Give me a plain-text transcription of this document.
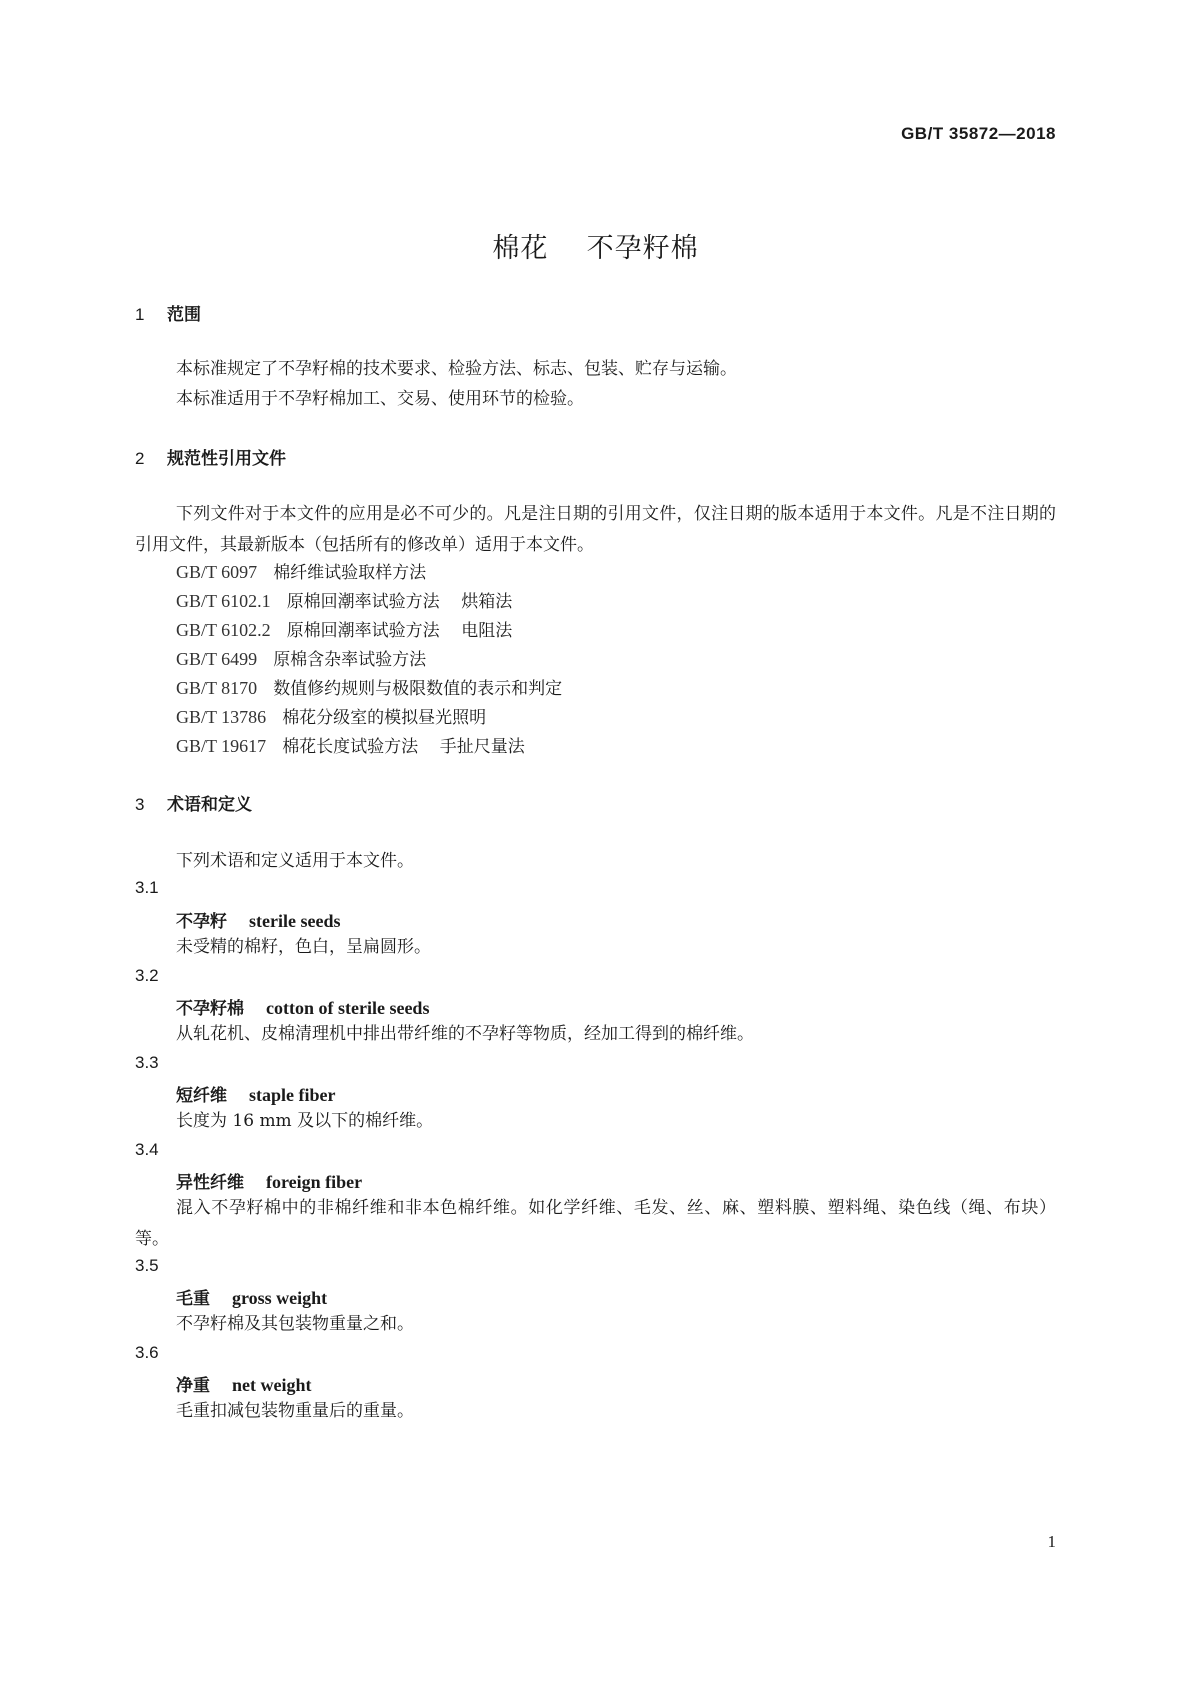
GB/T 35872—2018
棉花    不孕籽棉
1 范围
本标准规定了不孕籽棉的技术要求、检验方法、标志、包装、贮存与运输。
本标准适用于不孕籽棉加工、交易、使用环节的检验。
2 规范性引用文件
下列文件对于本文件的应用是必不可少的。凡是注日期的引用文件，仅注日期的版本适用于本文件。凡是不注日期的引用文件，其最新版本（包括所有的修改单）适用于本文件。
GB/T 6097 棉纤维试验取样方法
GB/T 6102.1 原棉回潮率试验方法    烘箱法
GB/T 6102.2 原棉回潮率试验方法    电阻法
GB/T 6499 原棉含杂率试验方法
GB/T 8170 数值修约规则与极限数值的表示和判定
GB/T 13786 棉花分级室的模拟昼光照明
GB/T 19617 棉花长度试验方法    手扯尺量法
3 术语和定义
下列术语和定义适用于本文件。
3.1
不孕籽 sterile seeds
未受精的棉籽，色白，呈扁圆形。
3.2
不孕籽棉 cotton of sterile seeds
从轧花机、皮棉清理机中排出带纤维的不孕籽等物质，经加工得到的棉纤维。
3.3
短纤维 staple fiber
长度为 16 mm 及以下的棉纤维。
3.4
异性纤维 foreign fiber
混入不孕籽棉中的非棉纤维和非本色棉纤维。如化学纤维、毛发、丝、麻、塑料膜、塑料绳、染色线（绳、布块）等。
3.5
毛重 gross weight
不孕籽棉及其包装物重量之和。
3.6
净重 net weight
毛重扣减包装物重量后的重量。
1
